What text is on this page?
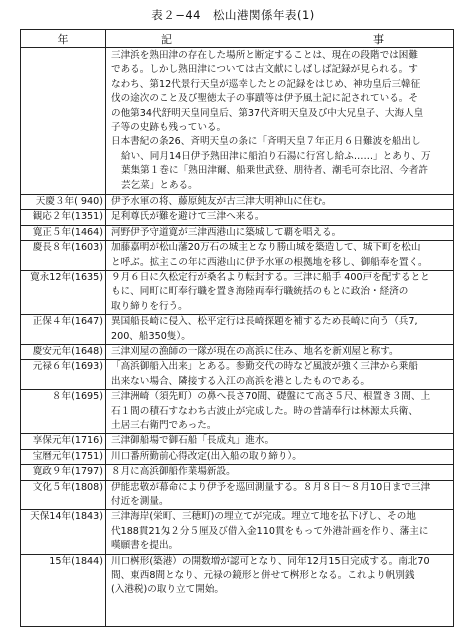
表２−44　松山港関係年表(1)
年	記	事
三津浜を熟田津の存在した場所と断定することは、現在の段階では困難
である。しかし熟田津については古文献にしばしば記録が見られる。す
なわち、第12代景行天皇が巡幸したとの記録をはじめ、神功皇后三韓征
伐の途次のこと及び聖徳太子の事蹟等は伊予風土記に記されている。そ
の他第34代舒明天皇同皇后、第37代斉明天皇及び中大兄皇子、大海人皇
子等の史跡も残っている。
日本書紀の条26、斉明天皇の条に「斉明天皇７年正月６日難波を船出し
給い、同月14日伊予熟田津に船泊り石湯に行宮し給ふ……」とあり、万
葉集第１巻に「熟田津爾、船乗世武登、朋待者、潮毛可奈比沼、今者許
芸乞菜」とある。
天慶３年( 940) 伊予水軍の将、藤原純友が古三津大明神山に住む。
観応２年(1351) 足利尊氏が難を避けて三津へ来る。
寛正５年(1464) 河野伊予守道寛が三津西港山に築城して覇を唱える。
慶長８年(1603) 加藤嘉明が松山藩20万石の城主となり勝山城を築造して、城下町を松山
と呼ぶ。拡主この年に西港山に伊予水軍の根拠地を移し、御船奉を置く。
寛永12年(1635) ９月６日に久松定行が桑名より転封する。三津に船手 400戸を配するとと
もに、同町に町奉行職を置き海陸両奉行職統括のもとに政治・経済の
取り締りを行う。
正保４年(1647) 異国船長崎に侵入、松平定行は長崎探題を補するため長崎に向う（兵7,
200、船350隻）。
慶安元年(1648) 三津刈屋の漁師の一隊が現在の高浜に住み、地名を新刈屋と称す。
元禄６年(1693) 「高浜御船入出来」とある。参勤交代の時など風波が強く三津から乗船
出来ない場合、隣接する入江の高浜を港としたものである。
８年(1695) 三津洲崎（須先町）の鼻へ長さ70間、礎盤にて高さ５尺、根置き３間、上
石１間の積石すなわち古波止が完成した。時の普請奉行は林源太兵衛、
土居三右衛門であった。
享保元年(1716) 三津御船場で御石船「長成丸」進水。
宝暦元年(1751) 川口番所勤前心得改定(出入船の取り締り）。
寛政９年(1797) ８月に高浜御船作業場新設。
文化５年(1808) 伊能忠敬が幕命により伊予を巡回測量する。８月８日〜８月10日まで三津
付近を測量。
天保14年(1843) 三津海岸(栄町、三穂町)の埋立てが完成。埋立て地を払下げし、その地
代188貫21匁２分５厘及び借入金110貫をもって外港計画を作り、藩主に
嘆願書を提出。
15年(1844) 川口桝形(築港）の開数増が認可となり、同年12月15日完成する。南北70
間、東西8間となり、元禄の鏡形と併せて桝形となる。これより帆別銭
(入港税)の取り立て開始。
